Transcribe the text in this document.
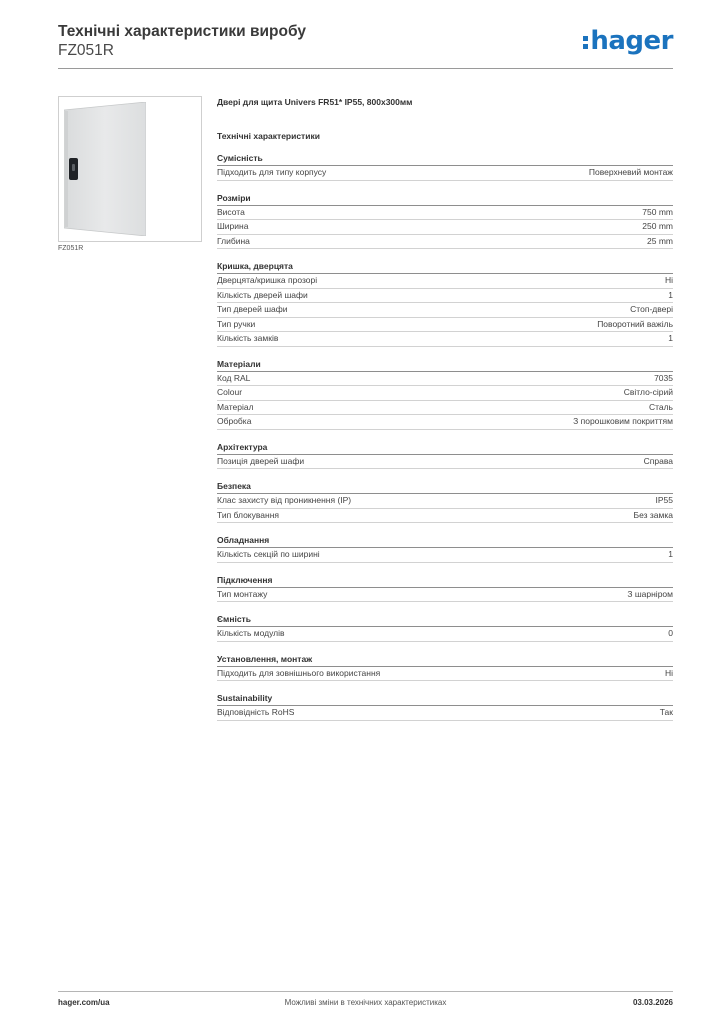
Технічні характеристики виробу
FZ051R	hager
FZ051R
Двері для щита Univers FR51* IP55, 800x300мм
Технічні характеристики
Сумісність
Підходить для типу корпусу	Поверхневий монтаж
Розміри
Висота	750 mm
Ширина	250 mm
Глибина	25 mm
Кришка, дверцята
Дверцята/кришка прозорі	Ні
Кількість дверей шафи	1
Тип дверей шафи	Стоп-двері
Тип ручки	Поворотний важіль
Кількість замків	1
Матеріали
Код RAL	7035
Colour	Світло-сірий
Матеріал	Сталь
Обробка	З порошковим покриттям
Архітектура
Позиція дверей шафи	Справа
Безпека
Клас захисту від проникнення (IP)	IP55
Тип блокування	Без замка
Обладнання
Кількість секцій по ширині	1
Підключення
Тип монтажу	З шарніром
Ємність
Кількість модулів	0
Установлення, монтаж
Підходить для зовнішнього використання	Ні
Sustainability
Відповідність RoHS	Так
hager.com/ua	Можливі зміни в технічних характеристиках	03.03.2026
